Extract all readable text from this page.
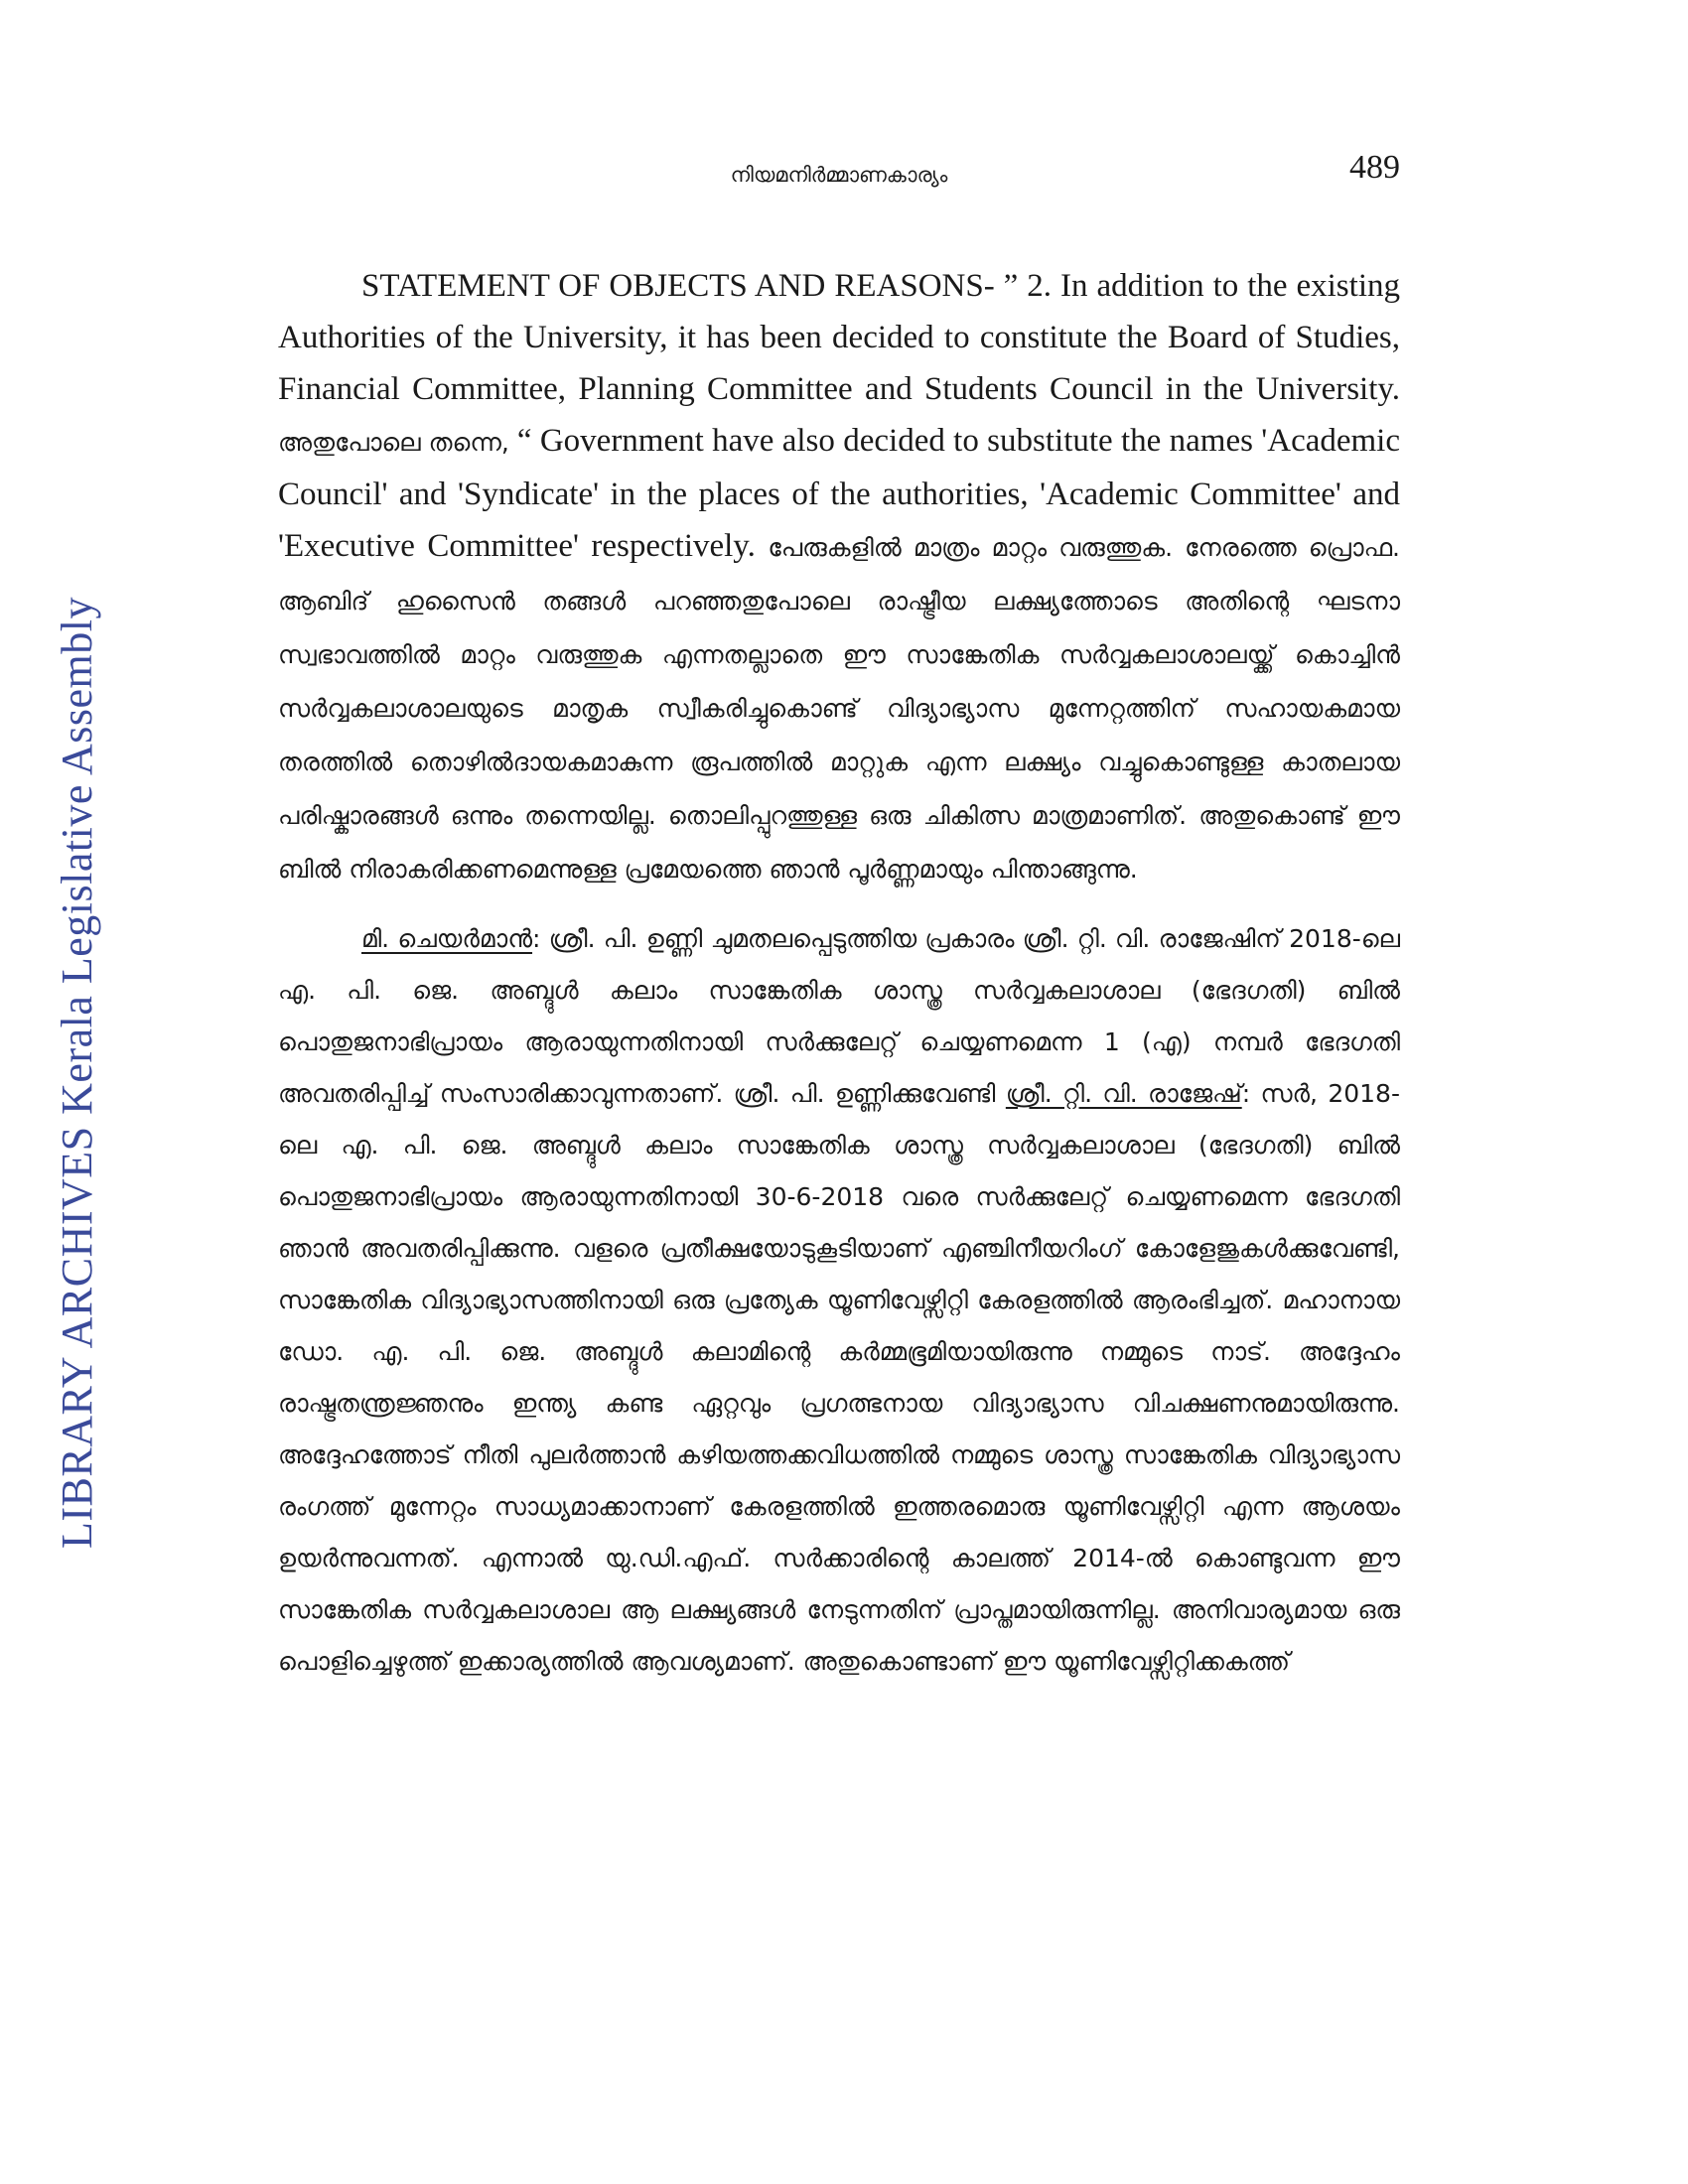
LIBRARY ARCHIVES Kerala Legislative Assembly
നിയമനിർമ്മാണകാര്യം	489

STATEMENT OF OBJECTS AND REASONS- ” 2. In addition to the existing Authorities of the University, it has been decided to constitute the Board of Studies, Financial Committee, Planning Committee and Students Council in the University. അതുപോലെ തന്നെ, “ Government have also decided to substitute the names 'Academic Council' and 'Syndicate' in the places of the authorities, 'Academic Committee' and 'Executive Committee' respectively. പേരുകളിൽ മാത്രം മാറ്റം വരുത്തുക. നേരത്തെ പ്രൊഫ. ആബിദ് ഹുസൈൻ തങ്ങൾ പറഞ്ഞതുപോലെ രാഷ്ട്രീയ ലക്ഷ്യത്തോടെ അതിന്റെ ഘടനാ സ്വഭാവത്തിൽ മാറ്റം വരുത്തുക എന്നതല്ലാതെ ഈ സാങ്കേതിക സർവ്വകലാശാലയ്ക്ക് കൊച്ചിൻ സർവ്വകലാശാലയുടെ മാതൃക സ്വീകരിച്ചുകൊണ്ട് വിദ്യാഭ്യാസ മുന്നേറ്റത്തിന് സഹായകമായ തരത്തിൽ തൊഴിൽദായകമാകുന്ന രൂപത്തിൽ മാറ്റുക എന്ന ലക്ഷ്യം വച്ചുകൊണ്ടുള്ള കാതലായ പരിഷ്കാരങ്ങൾ ഒന്നും തന്നെയില്ല. തൊലിപ്പുറത്തുള്ള ഒരു ചികിത്സ മാത്രമാണിത്. അതുകൊണ്ട് ഈ ബിൽ നിരാകരിക്കണമെന്നുള്ള പ്രമേയത്തെ ഞാൻ പൂർണ്ണമായും പിന്താങ്ങുന്നു.

മി. ചെയർമാൻ: ശ്രീ. പി. ഉണ്ണി ചുമതലപ്പെടുത്തിയ പ്രകാരം ശ്രീ. റ്റി. വി. രാജേഷിന് 2018-ലെ എ. പി. ജെ. അബ്ദുൾ കലാം സാങ്കേതിക ശാസ്ത്ര സർവ്വകലാശാല (ഭേദഗതി) ബിൽ പൊതുജനാഭിപ്രായം ആരായുന്നതിനായി സർക്കുലേറ്റ് ചെയ്യണമെന്ന 1 (എ) നമ്പർ ഭേദഗതി അവതരിപ്പിച്ച് സംസാരിക്കാവുന്നതാണ്. ശ്രീ. പി. ഉണ്ണിക്കുവേണ്ടി ശ്രീ. റ്റി. വി. രാജേഷ്: സർ, 2018-ലെ എ. പി. ജെ. അബ്ദുൾ കലാം സാങ്കേതിക ശാസ്ത്ര സർവ്വകലാശാല (ഭേദഗതി) ബിൽ പൊതുജനാഭിപ്രായം ആരായുന്നതിനായി 30-6-2018 വരെ സർക്കുലേറ്റ് ചെയ്യണമെന്ന ഭേദഗതി ഞാൻ അവതരിപ്പിക്കുന്നു. വളരെ പ്രതീക്ഷയോടുകൂടിയാണ് എഞ്ചിനീയറിംഗ് കോളേജുകൾക്കുവേണ്ടി, സാങ്കേതിക വിദ്യാഭ്യാസത്തിനായി ഒരു പ്രത്യേക യൂണിവേഴ്സിറ്റി കേരളത്തിൽ ആരംഭിച്ചത്. മഹാനായ ഡോ. എ. പി. ജെ. അബ്ദുൾ കലാമിന്റെ കർമ്മഭൂമിയായിരുന്നു നമ്മുടെ നാട്. അദ്ദേഹം രാഷ്ട്രതന്ത്രജ്ഞനും ഇന്ത്യ കണ്ട ഏറ്റവും പ്രഗത്ഭനായ വിദ്യാഭ്യാസ വിചക്ഷണനുമായിരുന്നു. അദ്ദേഹത്തോട് നീതി പുലർത്താൻ കഴിയത്തക്കവിധത്തിൽ നമ്മുടെ ശാസ്ത്ര സാങ്കേതിക വിദ്യാഭ്യാസ രംഗത്ത് മുന്നേറ്റം സാധ്യമാക്കാനാണ് കേരളത്തിൽ ഇത്തരമൊരു യൂണിവേഴ്സിറ്റി എന്ന ആശയം ഉയർന്നുവന്നത്. എന്നാൽ യു.ഡി.എഫ്. സർക്കാരിന്റെ കാലത്ത് 2014-ൽ കൊണ്ടുവന്ന ഈ സാങ്കേതിക സർവ്വകലാശാല ആ ലക്ഷ്യങ്ങൾ നേടുന്നതിന് പ്രാപ്തമായിരുന്നില്ല. അനിവാര്യമായ ഒരു പൊളിച്ചെഴുത്ത് ഇക്കാര്യത്തിൽ ആവശ്യമാണ്. അതുകൊണ്ടാണ് ഈ യൂണിവേഴ്സിറ്റിക്കകത്ത്
